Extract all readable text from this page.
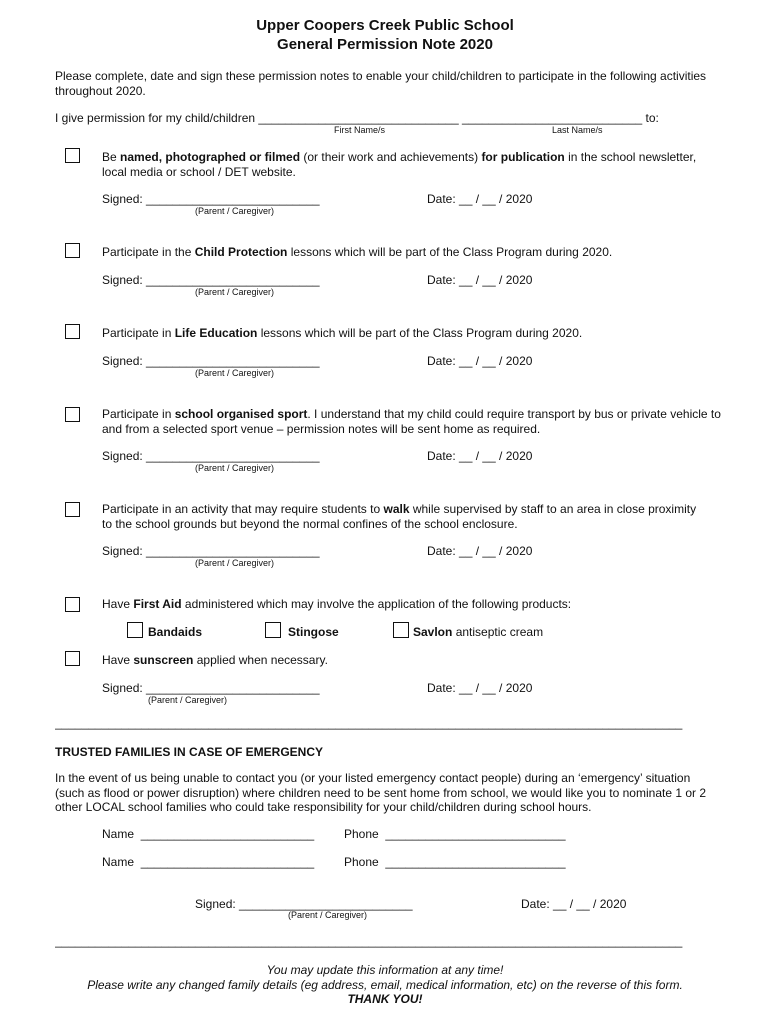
Upper Coopers Creek Public School
General Permission Note 2020
Please complete, date and sign these permission notes to enable your child/children to participate in the following activities throughout 2020.
I give permission for my child/children ______________________________ ___________________________ to:
First Name/s	Last Name/s
Be named, photographed or filmed (or their work and achievements) for publication in the school newsletter, local media or school / DET website.
Signed: __________________________
(Parent / Caregiver)
Date: __ / __ / 2020
Participate in the Child Protection lessons which will be part of the Class Program during 2020.
Signed: __________________________
(Parent / Caregiver)
Date: __ / __ / 2020
Participate in Life Education lessons which will be part of the Class Program during 2020.
Signed: __________________________
(Parent / Caregiver)
Date: __ / __ / 2020
Participate in school organised sport. I understand that my child could require transport by bus or private vehicle to and from a selected sport venue – permission notes will be sent home as required.
Signed: __________________________
(Parent / Caregiver)
Date: __ / __ / 2020
Participate in an activity that may require students to walk while supervised by staff to an area in close proximity to the school grounds but beyond the normal confines of the school enclosure.
Signed: __________________________
(Parent / Caregiver)
Date: __ / __ / 2020
Have First Aid administered which may involve the application of the following products:
Bandaids	Stingose	Savlon antiseptic cream
Have sunscreen applied when necessary.
Signed: __________________________
(Parent / Caregiver)
Date: __ / __ / 2020
______________________________________________________________________________________________
TRUSTED FAMILIES IN CASE OF EMERGENCY
In the event of us being unable to contact you (or your listed emergency contact people) during an ‘emergency’ situation (such as flood or power disruption) where children need to be sent home from school, we would like you to nominate 1 or 2 other LOCAL school families who could take responsibility for your child/children during school hours.
Name __________________________ Phone ___________________________
Name __________________________ Phone ___________________________
Signed: __________________________
(Parent / Caregiver)
Date: __ / __ / 2020
______________________________________________________________________________________________
You may update this information at any time!
Please write any changed family details (eg address, email, medical information, etc) on the reverse of this form.
THANK YOU!
